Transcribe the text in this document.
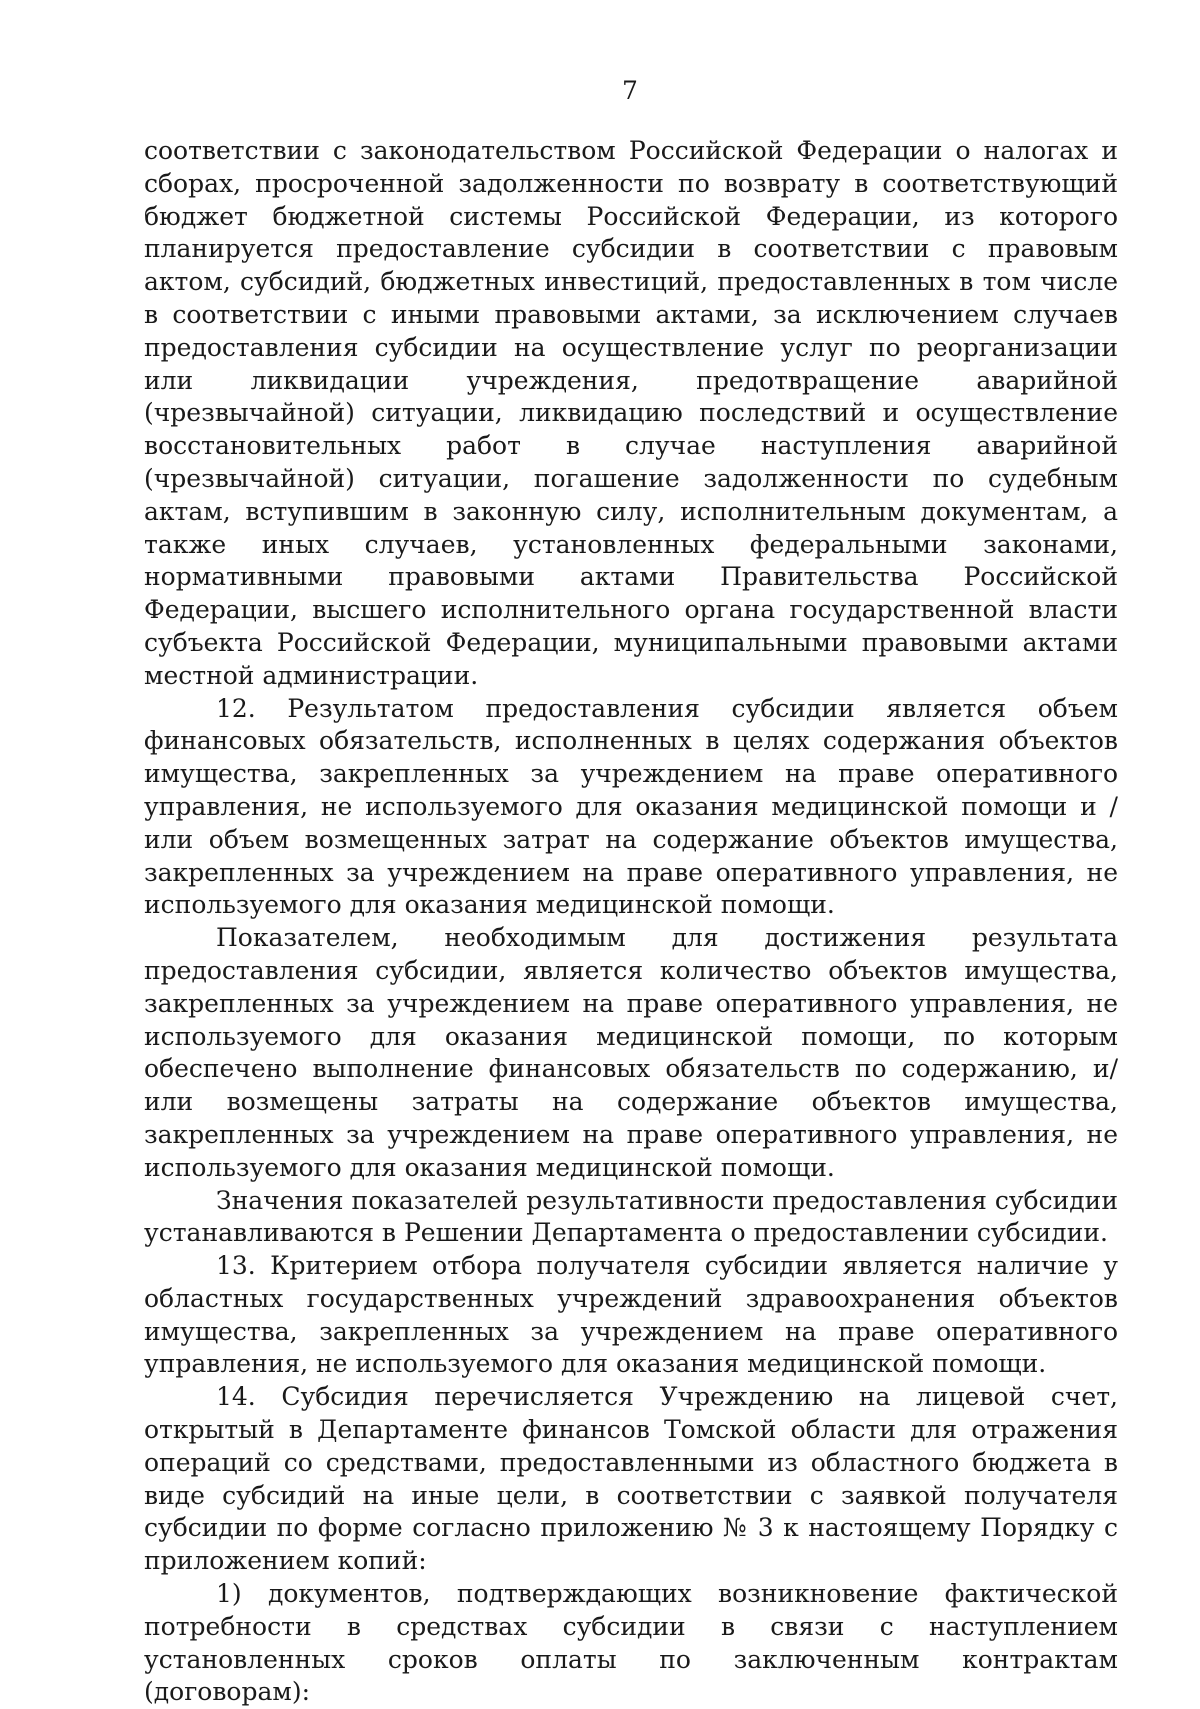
7

соответствии с законодательством Российской Федерации о налогах и сборах, просроченной задолженности по возврату в соответствующий бюджет бюджетной системы Российской Федерации, из которого планируется предоставление субсидии в соответствии с правовым актом, субсидий, бюджетных инвестиций, предоставленных в том числе в соответствии с иными правовыми актами, за исключением случаев предоставления субсидии на осуществление услуг по реорганизации или ликвидации учреждения, предотвращение аварийной (чрезвычайной) ситуации, ликвидацию последствий и осуществление восстановительных работ в случае наступления аварийной (чрезвычайной) ситуации, погашение задолженности по судебным актам, вступившим в законную силу, исполнительным документам, а также иных случаев, установленных федеральными законами, нормативными правовыми актами Правительства Российской Федерации, высшего исполнительного органа государственной власти субъекта Российской Федерации, муниципальными правовыми актами местной администрации.

12. Результатом предоставления субсидии является объем финансовых обязательств, исполненных в целях содержания объектов имущества, закрепленных за учреждением на праве оперативного управления, не используемого для оказания медицинской помощи и /или объем возмещенных затрат на содержание объектов имущества, закрепленных за учреждением на праве оперативного управления, не используемого для оказания медицинской помощи.

Показателем, необходимым для достижения результата предоставления субсидии, является количество объектов имущества, закрепленных за учреждением на праве оперативного управления, не используемого для оказания медицинской помощи, по которым обеспечено выполнение финансовых обязательств по содержанию, и/или возмещены затраты на содержание объектов имущества, закрепленных за учреждением на праве оперативного управления, не используемого для оказания медицинской помощи.

Значения показателей результативности предоставления субсидии устанавливаются в Решении Департамента о предоставлении субсидии.

13. Критерием отбора получателя субсидии является наличие у областных государственных учреждений здравоохранения объектов имущества, закрепленных за учреждением на праве оперативного управления, не используемого для оказания медицинской помощи.

14. Субсидия перечисляется Учреждению на лицевой счет, открытый в Департаменте финансов Томской области для отражения операций со средствами, предоставленными из областного бюджета в виде субсидий на иные цели, в соответствии с заявкой получателя субсидии по форме согласно приложению № 3 к настоящему Порядку с приложением копий:

1) документов, подтверждающих возникновение фактической потребности в средствах субсидии в связи с наступлением установленных сроков оплаты по заключенным контрактам (договорам):
